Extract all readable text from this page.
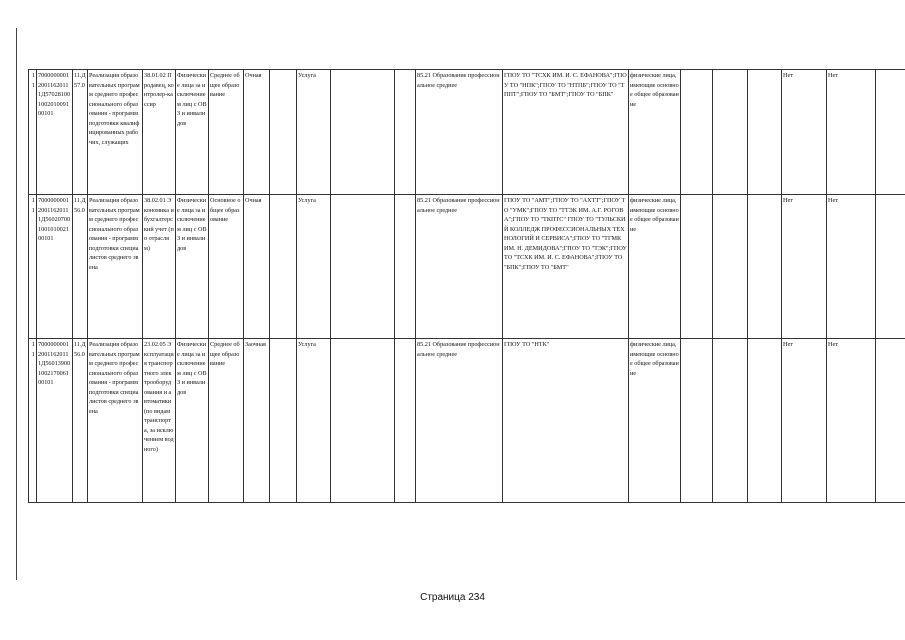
11	700000000120011620111Д57028100100201009100101	11.Д57.0	Реализация образовательных программ среднего профессионального образования - программ подготовки квалифицированных рабочих, служащих	38.01.02 Продавец, контролер-кассир	Физические лица за исключением лиц с ОВЗ и инвалидов	Среднее общее образование	Очная		Услуга			85.21 Образование профессиональное среднее	ГПОУ ТО "ТСХК ИМ. И. С. ЕФАНОВА";ГПОУ ТО "НПК";ГПОУ ТО "НТПБ";ГПОУ ТО "ТППТ";ГПОУ ТО "БМТ";ГПОУ ТО "БПК"	физические лица, имеющие основное общее образование				Нет	Нет		
11	700000000120011620111Д56020700100101002100101	11.Д56.0	Реализация образовательных программ среднего профессионального образования - программ подготовки специалистов среднего звена	38.02.01 Экономика и бухгалтерский учет (по отраслям)	Физические лица за исключением лиц с ОВЗ и инвалидов	Основное общее образование	Очная		Услуга			85.21 Образование профессиональное среднее	ГПОУ ТО "АМТ";ГПОУ ТО "АХТТ";ГПОУ ТО "УМК";ГПОУ ТО "ТТЭК ИМ. А.Г. РОГОВА";ГПОУ ТО "ТКПТС" ГПОУ ТО "ТУЛЬСКИЙ КОЛЛЕДЖ ПРОФЕССИОНАЛЬНЫХ ТЕХНОЛОГИЙ И СЕРВИСА";ГПОУ ТО "ТГМК ИМ. Н. ДЕМИДОВА";ГПОУ ТО "ТЭК";ГПОУ ТО "ТСХК ИМ. И. С. ЕФАНОВА";ГПОУ ТО "БПК";ГПОУ ТО "БМТ"	физические лица, имеющие основное общее образование				Нет	Нет		
11	700000000120011620111Д56013900100217006100101	11.Д56.0	Реализация образовательных программ среднего профессионального образования - программ подготовки специалистов среднего звена	23.02.05 Эксплуатация транспортного электрооборудования и автоматики (по видам транспорта, за исключением водного)	Физические лица за исключением лиц с ОВЗ и инвалидов	Среднее общее образование	Заочная		Услуга			85.21 Образование профессиональное среднее	ГПОУ ТО "НТК"	физические лица, имеющие основное общее образование				Нет	Нет		
Страница 234
